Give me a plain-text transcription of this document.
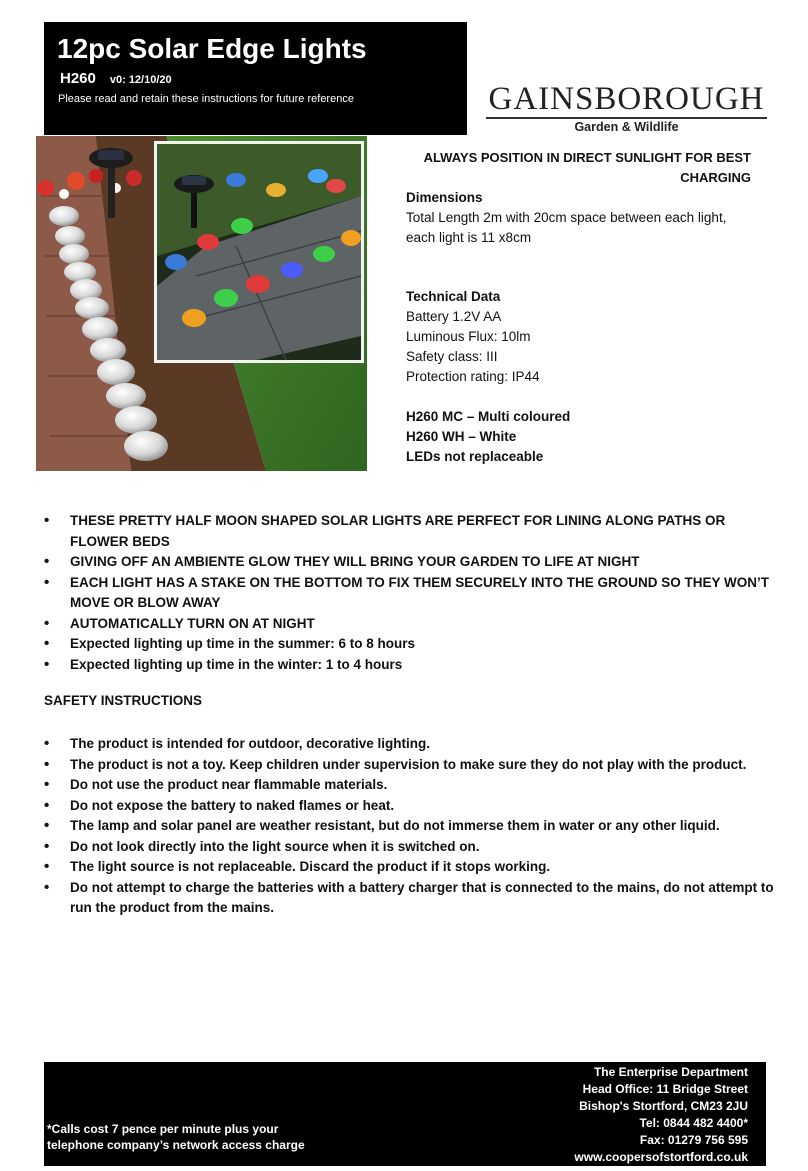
12pc Solar Edge Lights
H260 v0: 12/10/20
Please read and retain these instructions for future reference	GAINSBOROUGH
Garden & Wildlife
ALWAYS POSITION IN DIRECT SUNLIGHT FOR BEST CHARGING
Dimensions
Total Length 2m with 20cm space between each light, each light is 11 x8cm
Technical Data
Battery 1.2V AA
Luminous Flux: 10lm
Safety class: III
Protection rating: IP44
H260 MC – Multi coloured
H260 WH – White
LEDs not replaceable
• THESE PRETTY HALF MOON SHAPED SOLAR LIGHTS ARE PERFECT FOR LINING ALONG PATHS OR FLOWER BEDS
• GIVING OFF AN AMBIENTE GLOW THEY WILL BRING YOUR GARDEN TO LIFE AT NIGHT
• EACH LIGHT HAS A STAKE ON THE BOTTOM TO FIX THEM SECURELY INTO THE GROUND SO THEY WON’T MOVE OR BLOW AWAY
• AUTOMATICALLY TURN ON AT NIGHT
• Expected lighting up time in the summer: 6 to 8 hours
• Expected lighting up time in the winter: 1 to 4 hours
SAFETY INSTRUCTIONS
• The product is intended for outdoor, decorative lighting.
• The product is not a toy. Keep children under supervision to make sure they do not play with the product.
• Do not use the product near flammable materials.
• Do not expose the battery to naked flames or heat.
• The lamp and solar panel are weather resistant, but do not immerse them in water or any other liquid.
• Do not look directly into the light source when it is switched on.
• The light source is not replaceable. Discard the product if it stops working.
• Do not attempt to charge the batteries with a battery charger that is connected to the mains, do not attempt to run the product from the mains.
The Enterprise Department
Head Office: 11 Bridge Street
Bishop's Stortford, CM23 2JU
Tel: 0844 482 4400*
Fax: 01279 756 595
www.coopersofstortford.co.uk
*Calls cost 7 pence per minute plus your
telephone company’s network access charge
